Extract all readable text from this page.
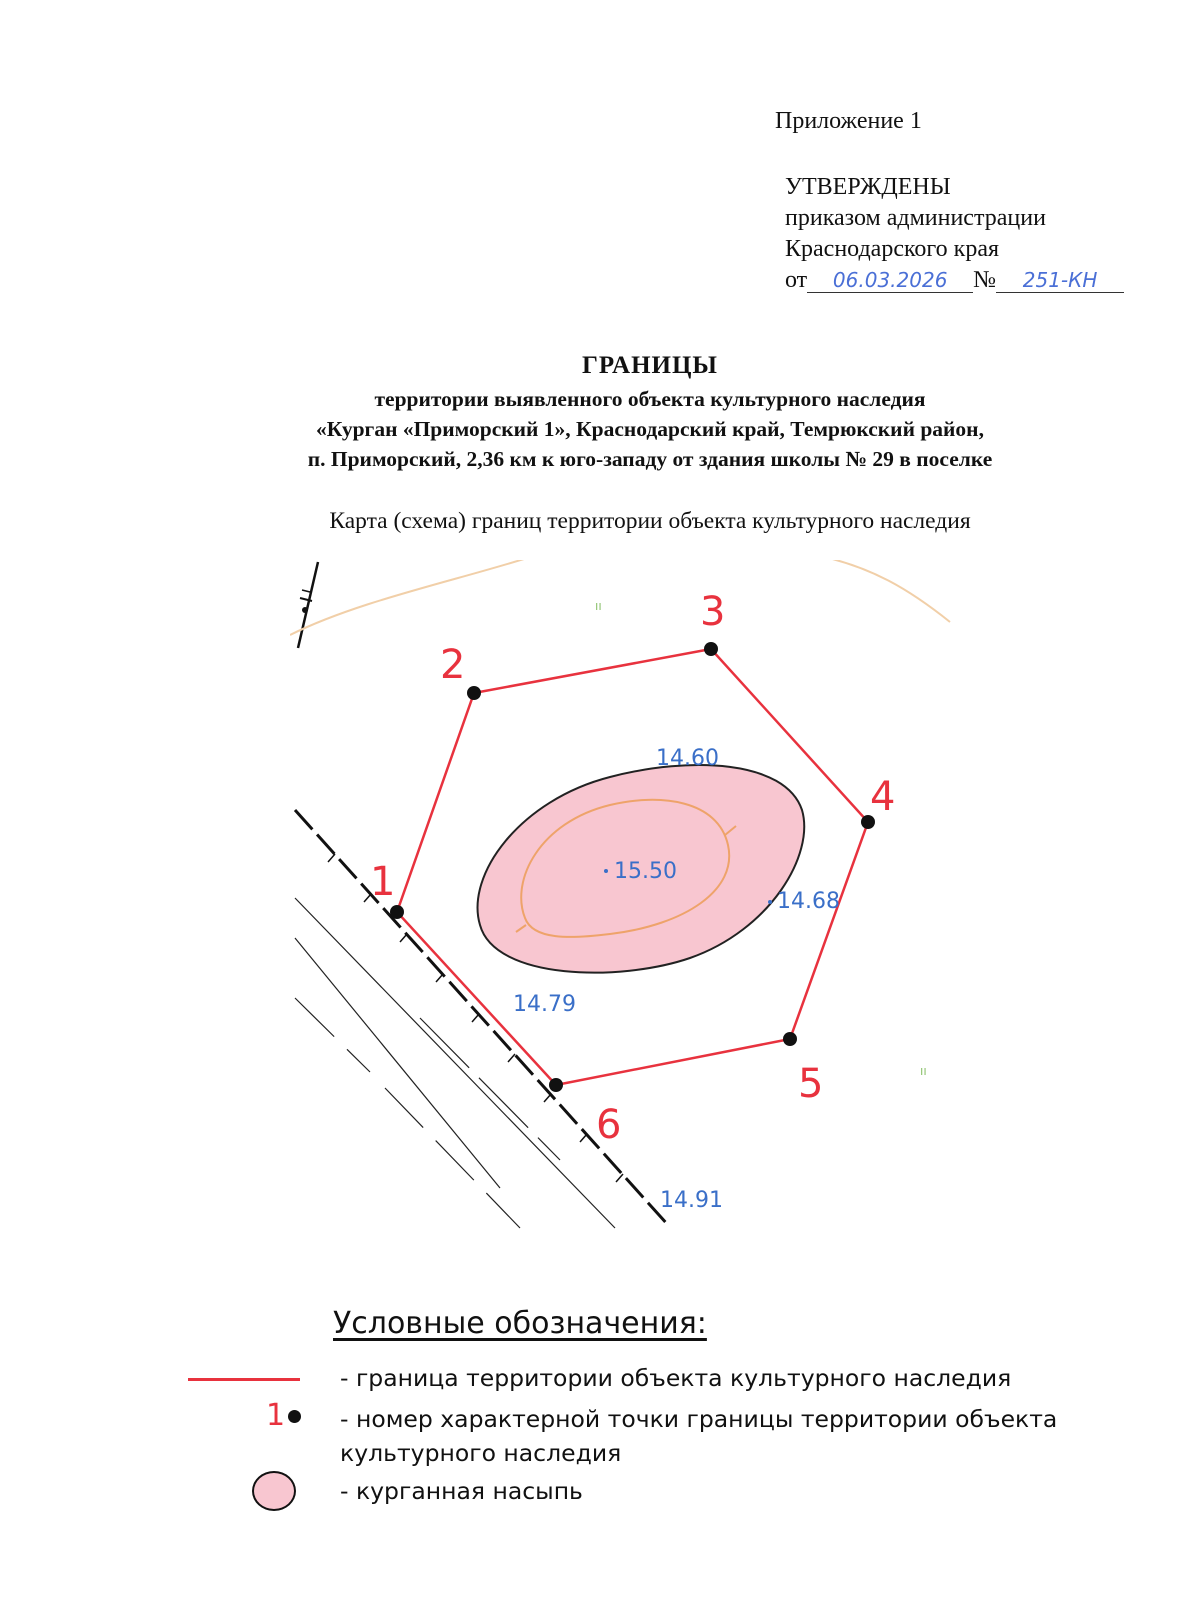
Приложение 1
УТВЕРЖДЕНЫ
приказом администрации
Краснодарского края
от 06.03.2026 № 251-КН
ГРАНИЦЫ
территории выявленного объекта культурного наследия
«Курган «Приморский 1», Краснодарский край, Темрюкский район,
п. Приморский, 2,36 км к юго-западу от здания школы № 29 в поселке
Карта (схема) границ территории объекта культурного наследия
ıı
ıı
1
2
3
4
5
6
14.60
15.50
14.68
14.79
14.91
Условные обозначения:
- граница территории объекта культурного наследия
1	- номер характерной точки границы территории объекта культурного наследия
- курганная насыпь
